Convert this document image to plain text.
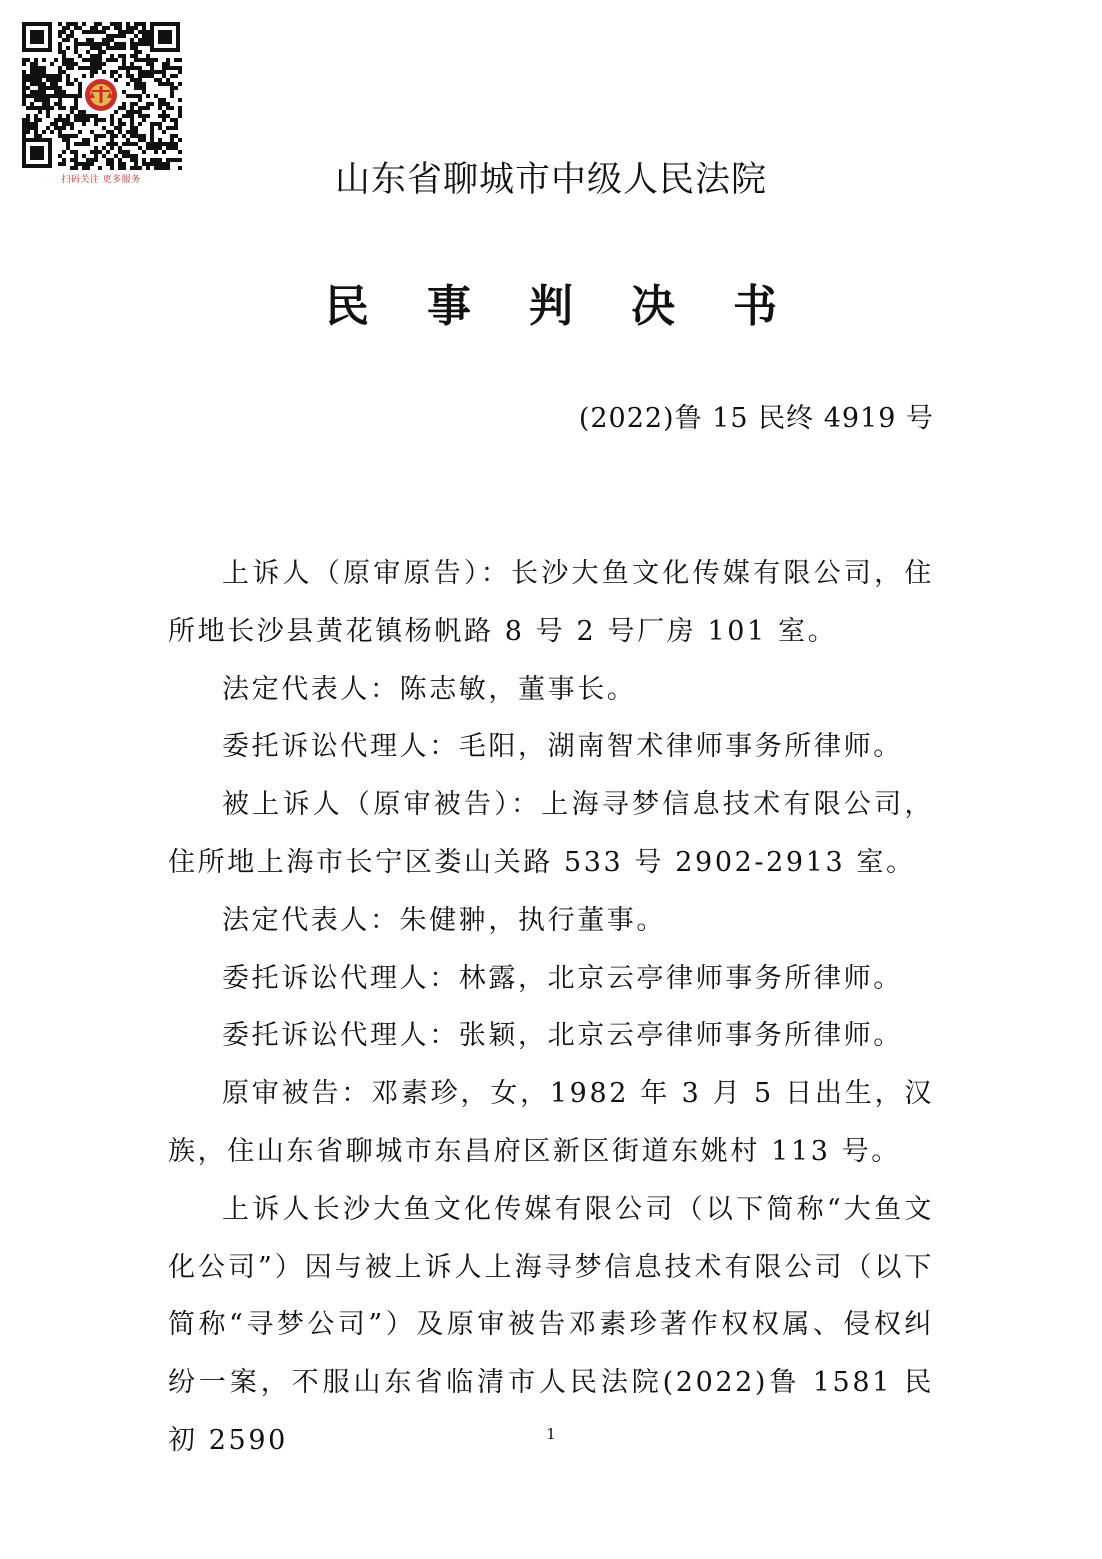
扫码关注 更多服务	山东省聊城市中级人民法院
民事判决书
(2022)鲁 15 民终 4919 号

上诉人（原审原告）：长沙大鱼文化传媒有限公司，住所地长沙县黄花镇杨帆路 8 号 2 号厂房 101 室。

法定代表人：陈志敏，董事长。

委托诉讼代理人：毛阳，湖南智术律师事务所律师。

被上诉人（原审被告）：上海寻梦信息技术有限公司，住所地上海市长宁区娄山关路 533 号 2902-2913 室。

法定代表人：朱健翀，执行董事。

委托诉讼代理人：林露，北京云亭律师事务所律师。

委托诉讼代理人：张颖，北京云亭律师事务所律师。

原审被告：邓素珍，女，1982 年 3 月 5 日出生，汉族，住山东省聊城市东昌府区新区街道东姚村 113 号。

上诉人长沙大鱼文化传媒有限公司（以下简称“大鱼文化公司”）因与被上诉人上海寻梦信息技术有限公司（以下简称“寻梦公司”）及原审被告邓素珍著作权权属、侵权纠纷一案，不服山东省临清市人民法院(2022)鲁 1581 民初 2590	1
